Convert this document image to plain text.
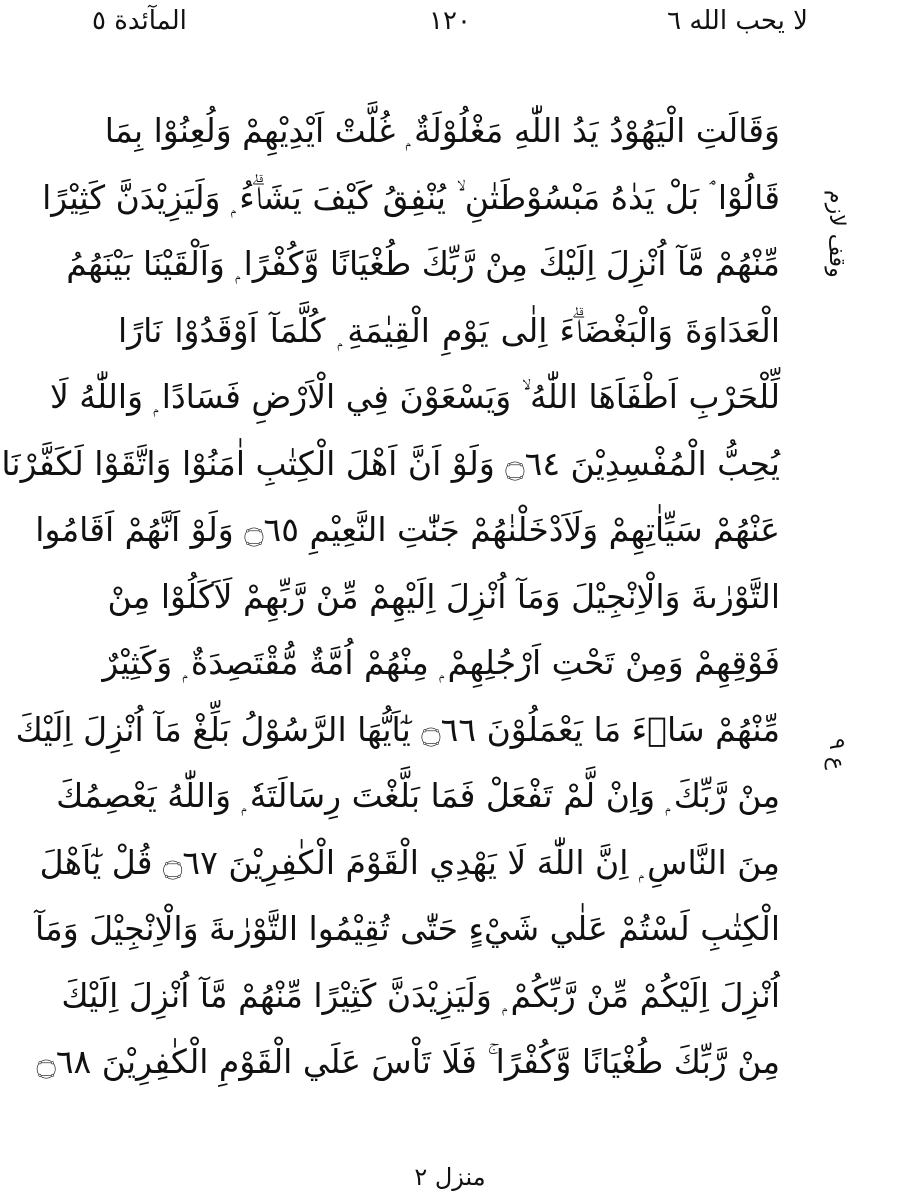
المآئدة ٥	١٢٠	لا يحب الله ٦
وقف لازم
ع ٩
وَقَالَتِ الْيَهُوْدُ يَدُ اللّٰهِ مَغْلُوْلَةٌ ۭ غُلَّتْ اَيْدِيْهِمْ وَلُعِنُوْا بِمَا
قَالُوْا ۘ بَلْ يَدٰهُ مَبْسُوْطَتٰنِ ۙ يُنْفِقُ كَيْفَ يَشَاۗءُ ۭ وَلَيَزِيْدَنَّ كَثِيْرًا
مِّنْهُمْ مَّآ اُنْزِلَ اِلَيْكَ مِنْ رَّبِّكَ طُغْيَانًا وَّكُفْرًا ۭ وَاَلْقَيْنَا بَيْنَهُمُ
الْعَدَاوَةَ وَالْبَغْضَاۗءَ اِلٰى يَوْمِ الْقِيٰمَةِ ۭ كُلَّمَآ اَوْقَدُوْا نَارًا
لِّلْحَرْبِ اَطْفَاَهَا اللّٰهُ ۙ وَيَسْعَوْنَ فِي الْاَرْضِ فَسَادًا ۭ وَاللّٰهُ لَا
يُحِبُّ الْمُفْسِدِيْنَ ۝٦٤ وَلَوْ اَنَّ اَهْلَ الْكِتٰبِ اٰمَنُوْا وَاتَّقَوْا لَكَفَّرْنَا
عَنْهُمْ سَيِّاٰتِهِمْ وَلَاَدْخَلْنٰهُمْ جَنّٰتِ النَّعِيْمِ ۝٦٥ وَلَوْ اَنَّهُمْ اَقَامُوا
التَّوْرٰىةَ وَالْاِنْجِيْلَ وَمَآ اُنْزِلَ اِلَيْهِمْ مِّنْ رَّبِّهِمْ لَاَكَلُوْا مِنْ
فَوْقِهِمْ وَمِنْ تَحْتِ اَرْجُلِهِمْ ۭ مِنْهُمْ اُمَّةٌ مُّقْتَصِدَةٌ ۭ وَكَثِيْرٌ
مِّنْهُمْ سَاۗءَ مَا يَعْمَلُوْنَ ۝٦٦ يٰٓاَيُّهَا الرَّسُوْلُ بَلِّغْ مَآ اُنْزِلَ اِلَيْكَ
مِنْ رَّبِّكَ ۭ وَاِنْ لَّمْ تَفْعَلْ فَمَا بَلَّغْتَ رِسَالَتَهٗ ۭ وَاللّٰهُ يَعْصِمُكَ
مِنَ النَّاسِ ۭ اِنَّ اللّٰهَ لَا يَهْدِي الْقَوْمَ الْكٰفِرِيْنَ ۝٦٧ قُلْ يٰٓاَهْلَ
الْكِتٰبِ لَسْتُمْ عَلٰي شَيْءٍ حَتّٰى تُقِيْمُوا التَّوْرٰىةَ وَالْاِنْجِيْلَ وَمَآ
اُنْزِلَ اِلَيْكُمْ مِّنْ رَّبِّكُمْ ۭ وَلَيَزِيْدَنَّ كَثِيْرًا مِّنْهُمْ مَّآ اُنْزِلَ اِلَيْكَ
مِنْ رَّبِّكَ طُغْيَانًا وَّكُفْرًا ۚ فَلَا تَاْسَ عَلَي الْقَوْمِ الْكٰفِرِيْنَ ۝٦٨
منزل ٢
